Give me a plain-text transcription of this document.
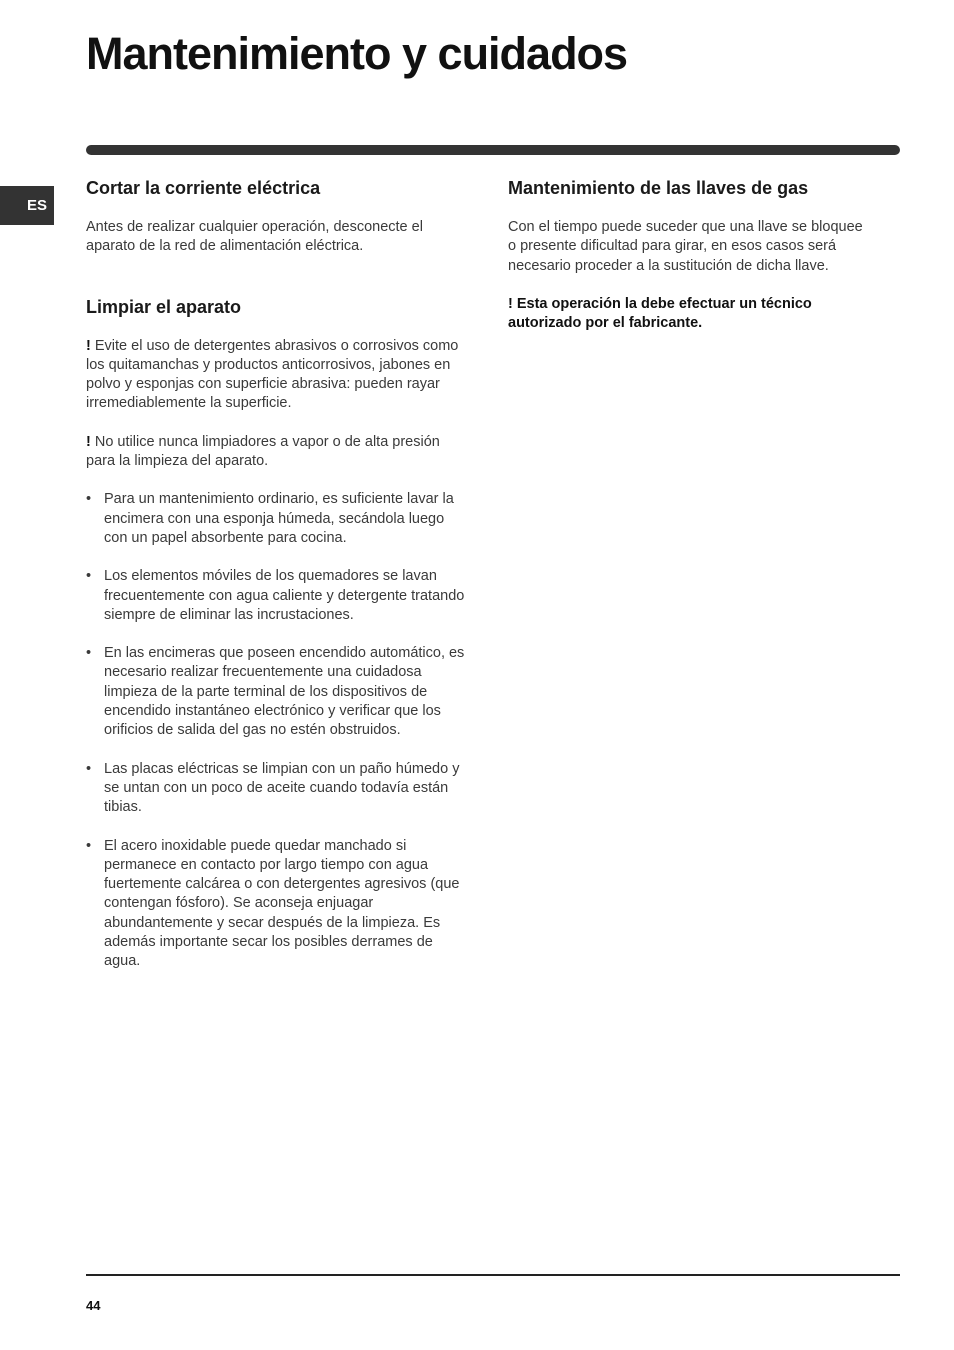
Mantenimiento y cuidados
ES
Cortar la corriente eléctrica

Antes de realizar cualquier operación, desconecte el aparato de la red de alimentación eléctrica.

Limpiar el aparato

! Evite el uso de detergentes abrasivos o corrosivos como los quitamanchas y productos anticorrosivos, jabones en polvo y esponjas con superficie abrasiva: pueden rayar irremediablemente la superficie.

! No utilice nunca limpiadores a vapor o de alta presión para la limpieza del aparato.

• Para un mantenimiento ordinario, es suficiente lavar la encimera con una esponja húmeda, secándola luego con un papel absorbente para cocina.
• Los elementos móviles de los quemadores se lavan frecuentemente con agua caliente y detergente tratando siempre de eliminar las incrustaciones.
• En las encimeras que poseen encendido automático, es necesario realizar frecuentemente una cuidadosa limpieza de la parte terminal de los dispositivos de encendido instantáneo electrónico y verificar que los orificios de salida del gas no estén obstruidos.
• Las placas eléctricas se limpian con un paño húmedo y se untan con un poco de aceite cuando todavía están tibias.
• El acero inoxidable puede quedar manchado si permanece en contacto por largo tiempo con agua fuertemente calcárea o con detergentes agresivos (que contengan fósforo). Se aconseja enjuagar abundantemente y secar después de la limpieza. Es además importante secar los posibles derrames de agua.
Mantenimiento de las llaves de gas

Con el tiempo puede suceder que una llave se bloquee o presente dificultad para girar, en esos casos será necesario proceder a la sustitución de dicha llave.

! Esta operación la debe efectuar un técnico autorizado por el fabricante.

44
